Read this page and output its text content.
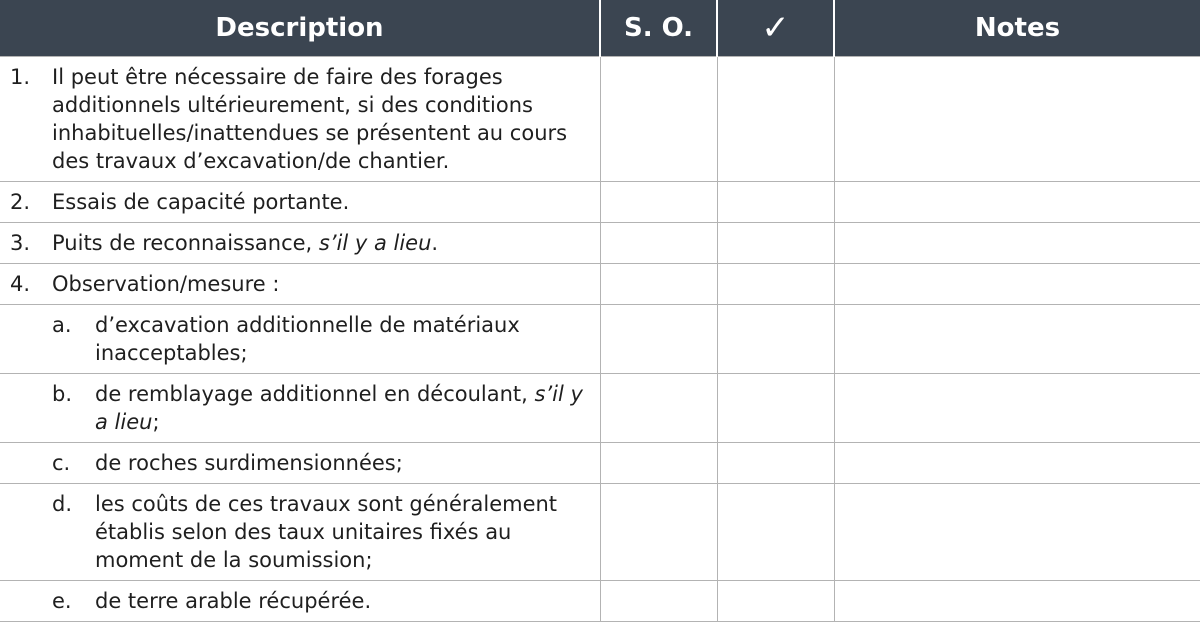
Description	S. O.	✓	Notes

1. Il peut être nécessaire de faire des forages additionnels ultérieurement, si des conditions inhabituelles/inattendues se présentent au cours des travaux d’excavation/de chantier.			

2. Essais de capacité portante.			

3. Puits de reconnaissance, s’il y a lieu.			

4. Observation/mesure :			

a. d’excavation additionnelle de matériaux inacceptables;			

b. de remblayage additionnel en découlant, s’il y a lieu;			

c. de roches surdimensionnées;			

d. les coûts de ces travaux sont généralement établis selon des taux unitaires fixés au moment de la soumission;			

e. de terre arable récupérée.			
